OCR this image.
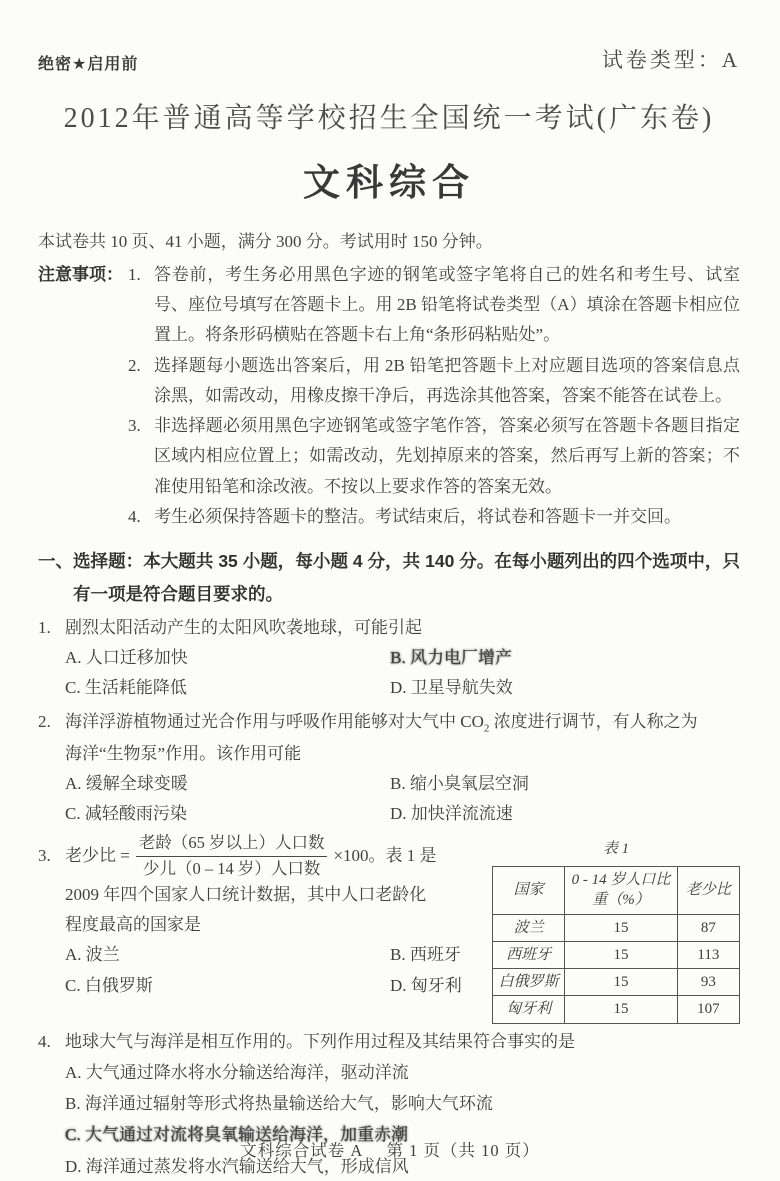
绝密★启用前	试卷类型：A
2012年普通高等学校招生全国统一考试(广东卷)
文科综合

本试卷共 10 页、41 小题，满分 300 分。考试用时 150 分钟。

注意事项： 1. 答卷前，考生务必用黑色字迹的钢笔或签字笔将自己的姓名和考生号、试室号、座位号填写在答题卡上。用 2B 铅笔将试卷类型（A）填涂在答题卡相应位置上。将条形码横贴在答题卡右上角“条形码粘贴处”。
2. 选择题每小题选出答案后，用 2B 铅笔把答题卡上对应题目选项的答案信息点涂黑，如需改动，用橡皮擦干净后，再选涂其他答案，答案不能答在试卷上。
3. 非选择题必须用黑色字迹钢笔或签字笔作答，答案必须写在答题卡各题目指定区域内相应位置上；如需改动，先划掉原来的答案，然后再写上新的答案；不准使用铅笔和涂改液。不按以上要求作答的答案无效。
4. 考生必须保持答题卡的整洁。考试结束后，将试卷和答题卡一并交回。
一、 选择题：本大题共 35 小题，每小题 4 分，共 140 分。在每小题列出的四个选项中，只有一项是符合题目要求的。
1. 剧烈太阳活动产生的太阳风吹袭地球，可能引起
A. 人口迁移加快	B. 风力电厂增产
C. 生活耗能降低	D. 卫星导航失效
2. 海洋浮游植物通过光合作用与呼吸作用能够对大气中 $CO_2$ 浓度进行调节，有人称之为
海洋“生物泵”作用。该作用可能
A. 缓解全球变暖	B. 缩小臭氧层空洞
C. 减轻酸雨污染	D. 加快洋流流速
3. 老少比 = $\frac{\text{老龄（65 岁以上）人口数}}{\text{少儿（0 – 14 岁）人口数}} \times 100$。表 1 是
2009 年四个国家人口统计数据，其中人口老龄化
程度最高的国家是
A. 波兰	B. 西班牙
C. 白俄罗斯	D. 匈牙利
表 1
国家	0 - 14 岁人口比重（%）	老少比
波兰	15	87
西班牙	15	113
白俄罗斯	15	93
匈牙利	15	107
4. 地球大气与海洋是相互作用的。下列作用过程及其结果符合事实的是
A. 大气通过降水将水分输送给海洋，驱动洋流
B. 海洋通过辐射等形式将热量输送给大气，影响大气环流
C. 大气通过对流将臭氧输送给海洋，加重赤潮
D. 海洋通过蒸发将水汽输送给大气，形成信风
文科综合试卷 A 第 1 页（共 10 页）
